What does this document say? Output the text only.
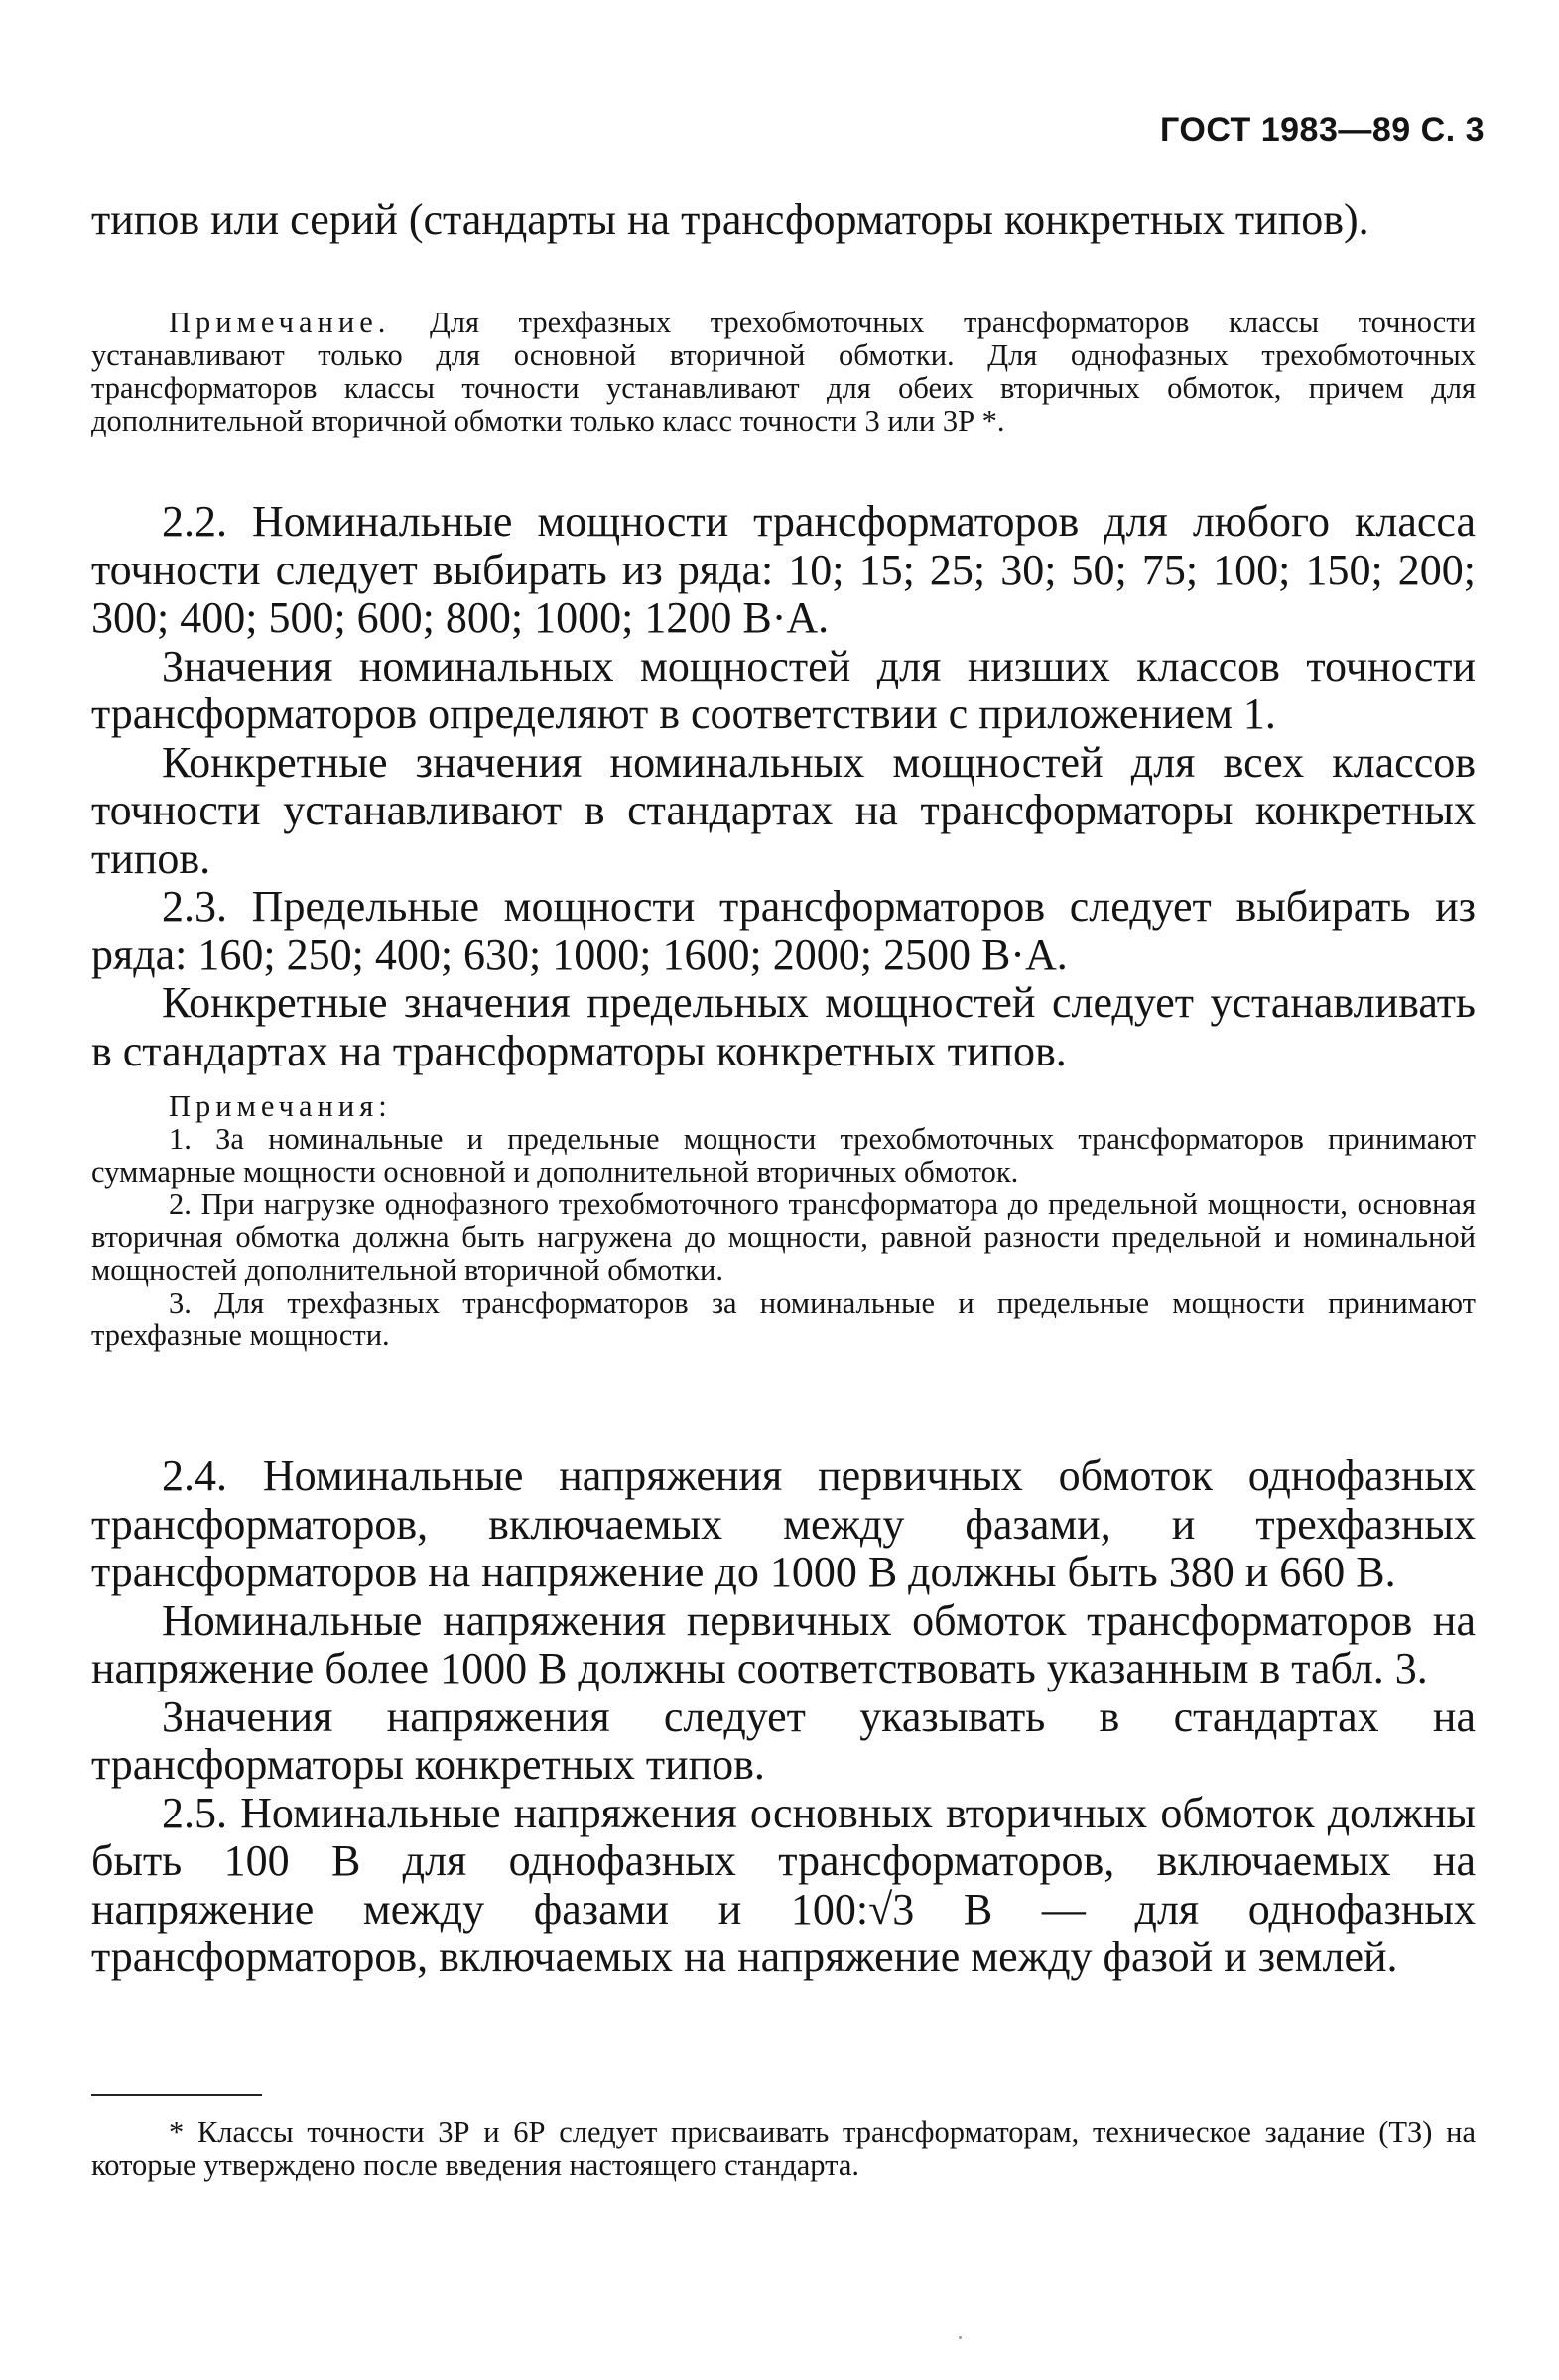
ГОСТ 1983—89 С. 3

типов или серий (стандарты на трансформаторы конкретных типов).

Примечание. Для трехфазных трехобмоточных трансформаторов классы точности устанавливают только для основной вторичной обмотки. Для однофазных трехобмоточных трансформаторов классы точности устанавливают для обеих вторичных обмоток, причем для дополнительной вторичной обмотки только класс точности 3 или 3Р *.

2.2. Номинальные мощности трансформаторов для любого класса точности следует выбирать из ряда: 10; 15; 25; 30; 50; 75; 100; 150; 200; 300; 400; 500; 600; 800; 1000; 1200 В·А.

Значения номинальных мощностей для низших классов точности трансформаторов определяют в соответствии с приложением 1.

Конкретные значения номинальных мощностей для всех классов точности устанавливают в стандартах на трансформаторы конкретных типов.

2.3. Предельные мощности трансформаторов следует выбирать из ряда: 160; 250; 400; 630; 1000; 1600; 2000; 2500 В·А.

Конкретные значения предельных мощностей следует устанавливать в стандартах на трансформаторы конкретных типов.

Примечания:

1. За номинальные и предельные мощности трехобмоточных трансформаторов принимают суммарные мощности основной и дополнительной вторичных обмоток.

2. При нагрузке однофазного трехобмоточного трансформатора до предельной мощности, основная вторичная обмотка должна быть нагружена до мощности, равной разности предельной и номинальной мощностей дополнительной вторичной обмотки.

3. Для трехфазных трансформаторов за номинальные и предельные мощности принимают трехфазные мощности.

2.4. Номинальные напряжения первичных обмоток однофазных трансформаторов, включаемых между фазами, и трехфазных трансформаторов на напряжение до 1000 В должны быть 380 и 660 В.

Номинальные напряжения первичных обмоток трансформаторов на напряжение более 1000 В должны соответствовать указанным в табл. 3.

Значения напряжения следует указывать в стандартах на трансформаторы конкретных типов.

2.5. Номинальные напряжения основных вторичных обмоток должны быть 100 В для однофазных трансформаторов, включаемых на напряжение между фазами и 100:√3 В — для однофазных трансформаторов, включаемых на напряжение между фазой и землей.

* Классы точности 3Р и 6Р следует присваивать трансформаторам, техническое задание (ТЗ) на которые утверждено после введения настоящего стандарта.
